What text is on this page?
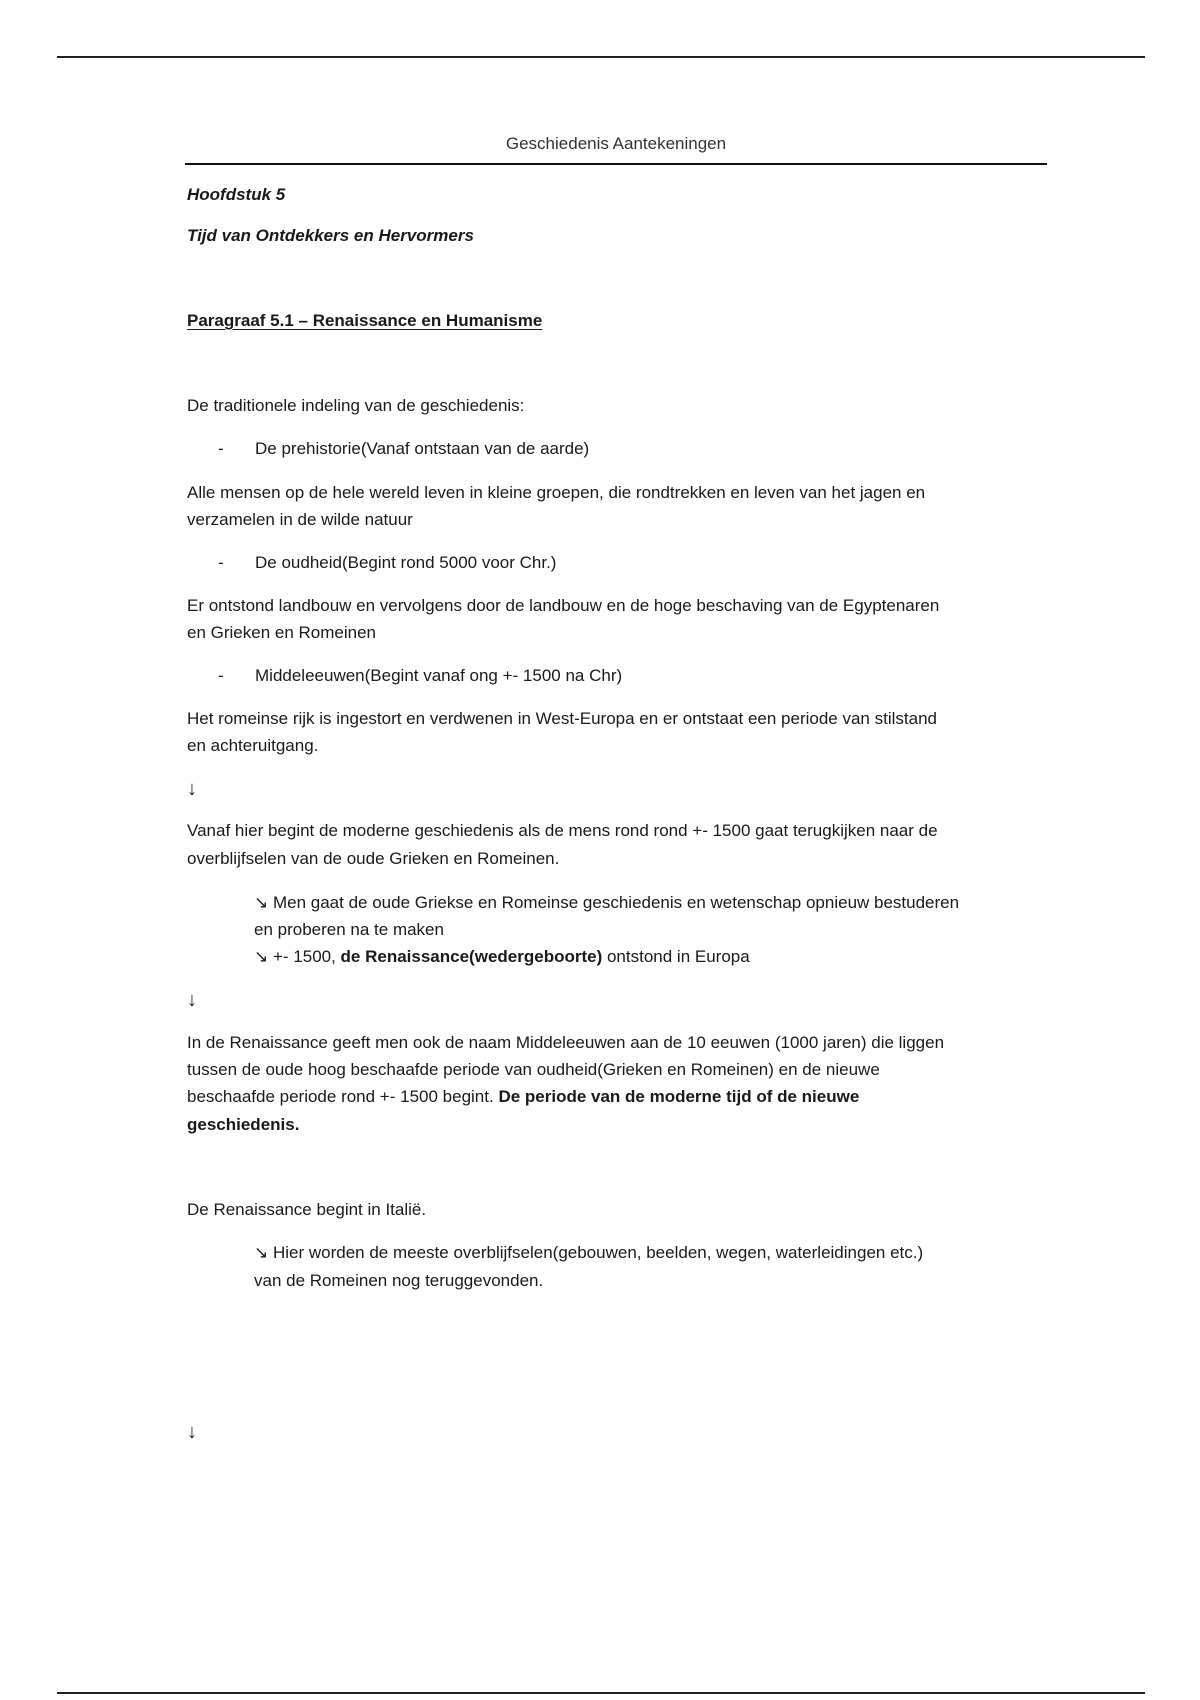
Geschiedenis Aantekeningen
Hoofdstuk 5
Tijd van Ontdekkers en Hervormers
Paragraaf 5.1 – Renaissance en Humanisme
De traditionele indeling van de geschiedenis:
- De prehistorie(Vanaf ontstaan van de aarde)
Alle mensen op de hele wereld leven in kleine groepen, die rondtrekken en leven van het jagen en
verzamelen in de wilde natuur
- De oudheid(Begint rond 5000 voor Chr.)
Er ontstond landbouw en vervolgens door de landbouw en de hoge beschaving van de Egyptenaren
en Grieken en Romeinen
- Middeleeuwen(Begint vanaf ong +- 1500 na Chr)
Het romeinse rijk is ingestort en verdwenen in West-Europa en er ontstaat een periode van stilstand
en achteruitgang.
↓
Vanaf hier begint de moderne geschiedenis als de mens rond rond +- 1500 gaat terugkijken naar de
overblijfselen van de oude Grieken en Romeinen.
↘ Men gaat de oude Griekse en Romeinse geschiedenis en wetenschap opnieuw bestuderen
en proberen na te maken
↘ +- 1500, de Renaissance(wedergeboorte) ontstond in Europa
↓
In de Renaissance geeft men ook de naam Middeleeuwen aan de 10 eeuwen (1000 jaren) die liggen
tussen de oude hoog beschaafde periode van oudheid(Grieken en Romeinen) en de nieuwe
beschaafde periode rond +- 1500 begint. De periode van de moderne tijd of de nieuwe
geschiedenis.
De Renaissance begint in Italië.
↘ Hier worden de meeste overblijfselen(gebouwen, beelden, wegen, waterleidingen etc.)
van de Romeinen nog teruggevonden.
↓
